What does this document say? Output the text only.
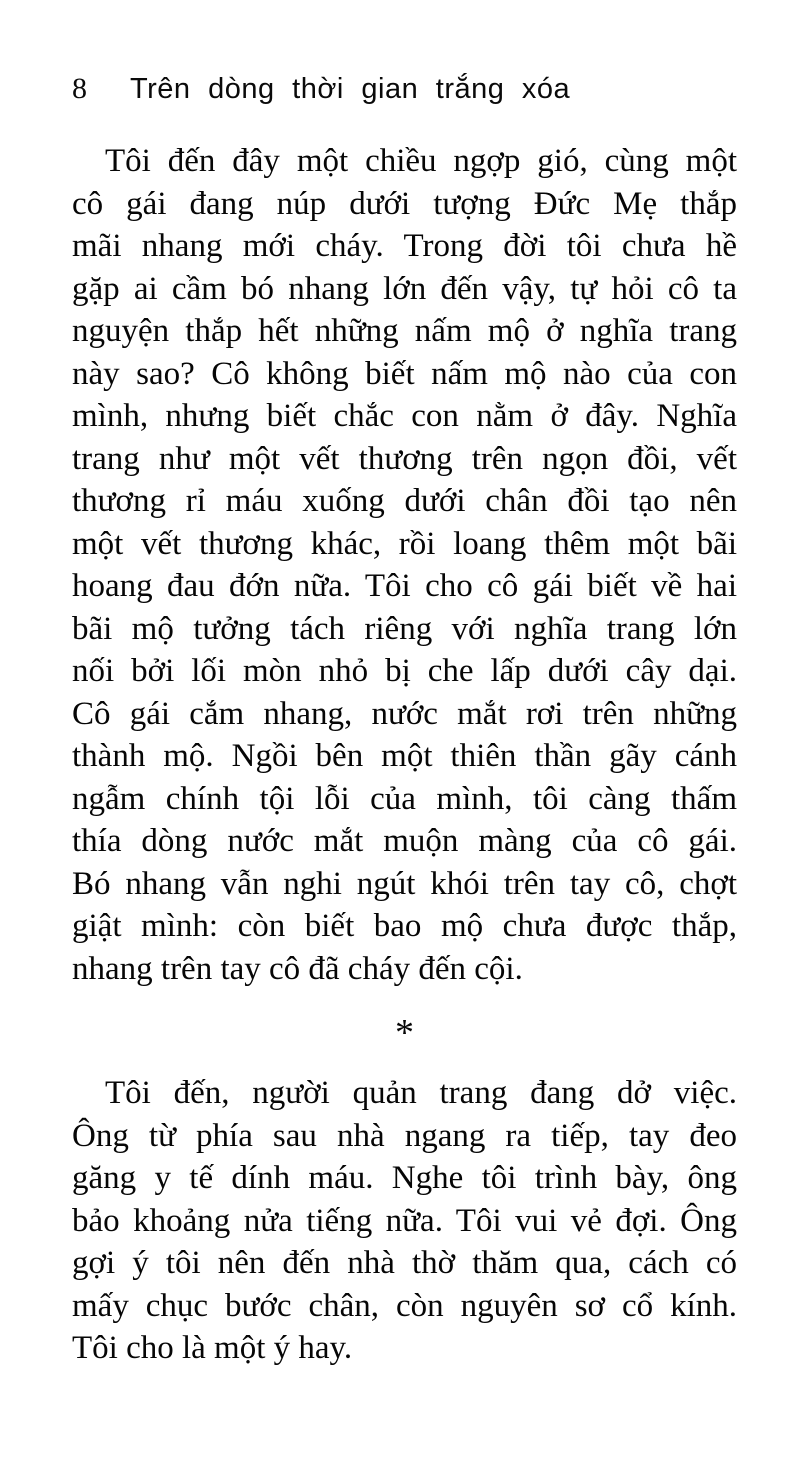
8	Trên dòng thời gian trắng xóa
Tôi đến đây một chiều ngợp gió, cùng một
cô gái đang núp dưới tượng Đức Mẹ thắp
mãi nhang mới cháy. Trong đời tôi chưa hề
gặp ai cầm bó nhang lớn đến vậy, tự hỏi cô ta
nguyện thắp hết những nấm mộ ở nghĩa trang
này sao? Cô không biết nấm mộ nào của con
mình, nhưng biết chắc con nằm ở đây. Nghĩa
trang như một vết thương trên ngọn đồi, vết
thương rỉ máu xuống dưới chân đồi tạo nên
một vết thương khác, rồi loang thêm một bãi
hoang đau đớn nữa. Tôi cho cô gái biết về hai
bãi mộ tưởng tách riêng với nghĩa trang lớn
nối bởi lối mòn nhỏ bị che lấp dưới cây dại.
Cô gái cắm nhang, nước mắt rơi trên những
thành mộ. Ngồi bên một thiên thần gãy cánh
ngẫm chính tội lỗi của mình, tôi càng thấm
thía dòng nước mắt muộn màng của cô gái.
Bó nhang vẫn nghi ngút khói trên tay cô, chợt
giật mình: còn biết bao mộ chưa được thắp,
nhang trên tay cô đã cháy đến cội.
*
Tôi đến, người quản trang đang dở việc.
Ông từ phía sau nhà ngang ra tiếp, tay đeo
găng y tế dính máu. Nghe tôi trình bày, ông
bảo khoảng nửa tiếng nữa. Tôi vui vẻ đợi. Ông
gợi ý tôi nên đến nhà thờ thăm qua, cách có
mấy chục bước chân, còn nguyên sơ cổ kính.
Tôi cho là một ý hay.
